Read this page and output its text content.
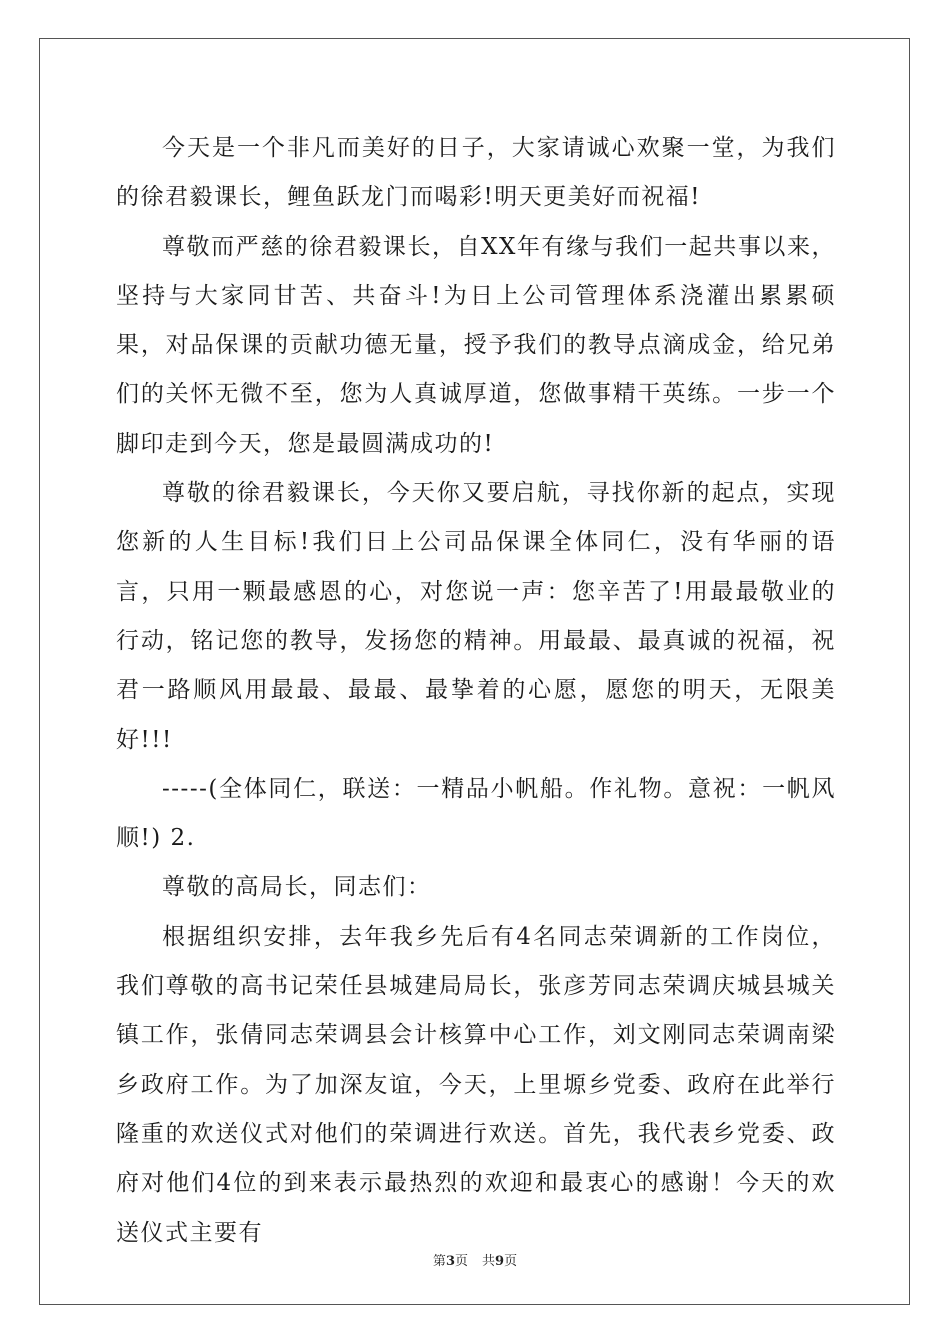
今天是一个非凡而美好的日子，大家请诚心欢聚一堂，为我们的徐君毅课长，鲤鱼跃龙门而喝彩!明天更美好而祝福!

尊敬而严慈的徐君毅课长，自XX年有缘与我们一起共事以来，坚持与大家同甘苦、共奋斗!为日上公司管理体系浇灌出累累硕果，对品保课的贡献功德无量，授予我们的教导点滴成金，给兄弟们的关怀无微不至，您为人真诚厚道，您做事精干英练。一步一个脚印走到今天，您是最圆满成功的!

尊敬的徐君毅课长，今天你又要启航，寻找你新的起点，实现您新的人生目标!我们日上公司品保课全体同仁，没有华丽的语言，只用一颗最感恩的心，对您说一声：您辛苦了!用最最敬业的行动，铭记您的教导，发扬您的精神。用最最、最真诚的祝福，祝君一路顺风用最最、最最、最挚着的心愿，愿您的明天，无限美好!!!

-----(全体同仁，联送：一精品小帆船。作礼物。意祝：一帆风顺!) 2.

尊敬的高局长，同志们：

根据组织安排，去年我乡先后有4名同志荣调新的工作岗位，我们尊敬的高书记荣任县城建局局长，张彦芳同志荣调庆城县城关镇工作，张倩同志荣调县会计核算中心工作，刘文刚同志荣调南梁乡政府工作。为了加深友谊，今天，上里塬乡党委、政府在此举行隆重的欢送仪式对他们的荣调进行欢送。首先，我代表乡党委、政府对他们4位的到来表示最热烈的欢迎和最衷心的感谢！今天的欢送仪式主要有

第3页 共9页
